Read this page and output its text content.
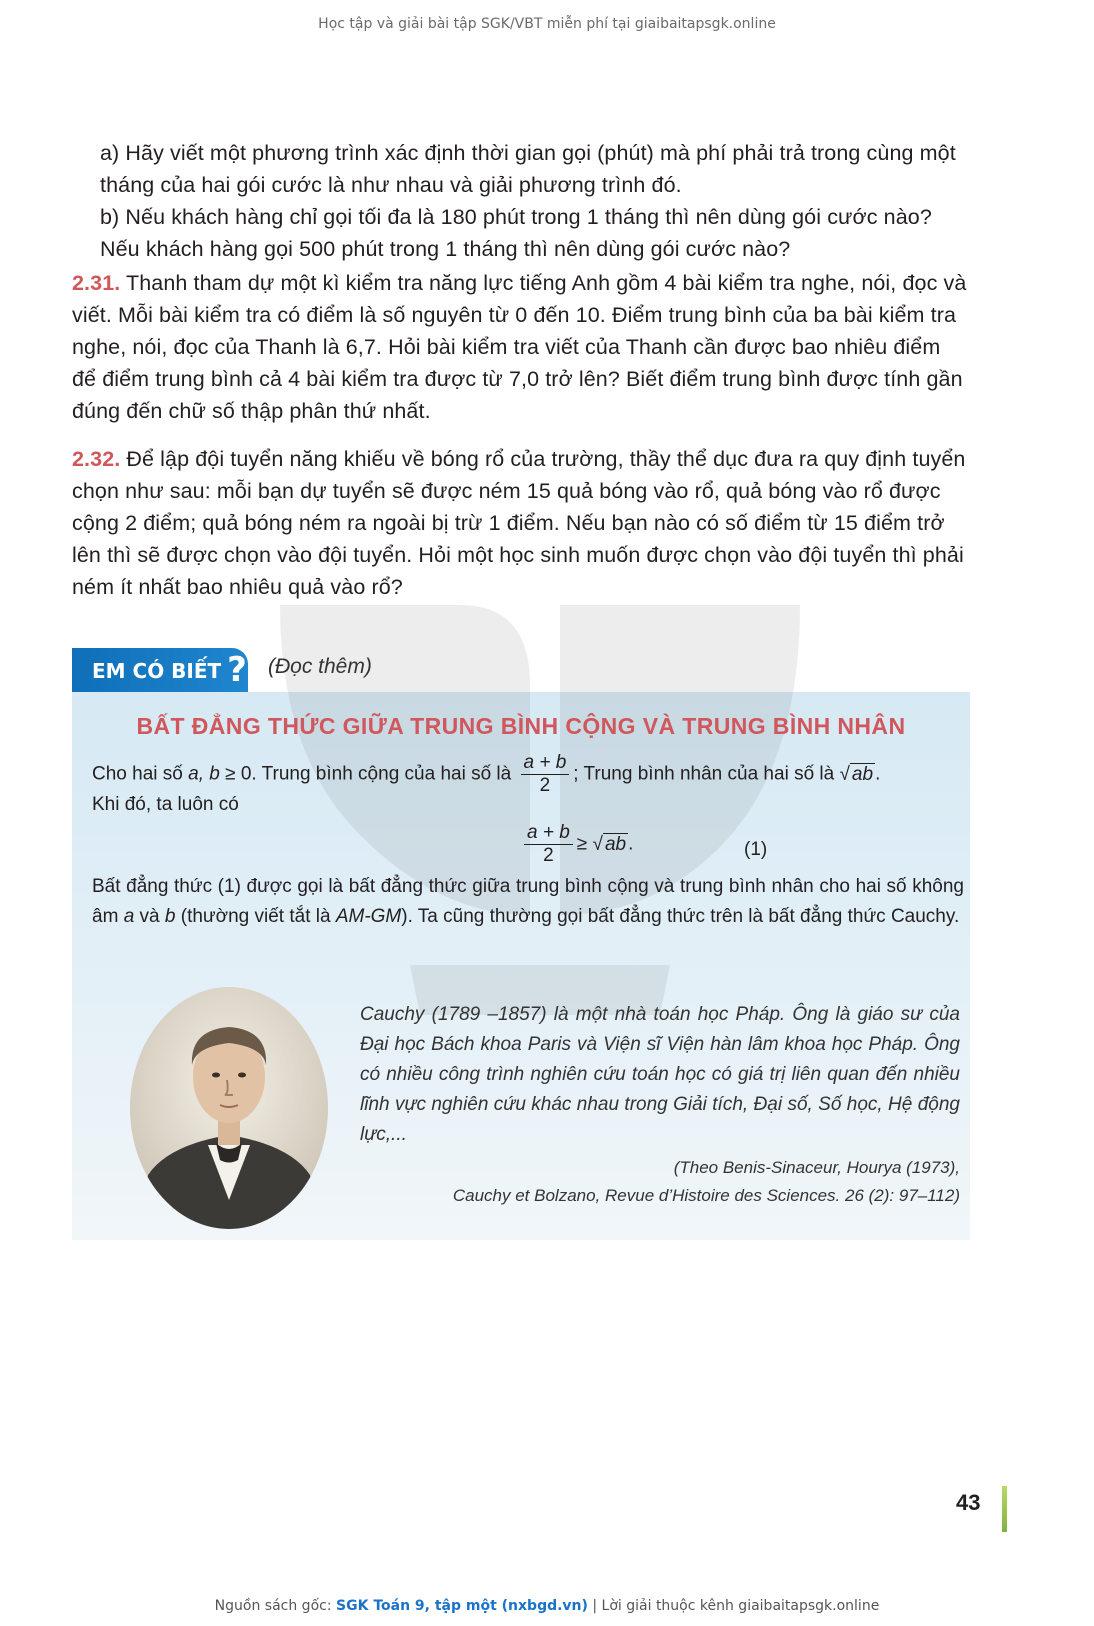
Học tập và giải bài tập SGK/VBT miễn phí tại giaibaitapsgk.online
a) Hãy viết một phương trình xác định thời gian gọi (phút) mà phí phải trả trong cùng một tháng của hai gói cước là như nhau và giải phương trình đó.
b) Nếu khách hàng chỉ gọi tối đa là 180 phút trong 1 tháng thì nên dùng gói cước nào? Nếu khách hàng gọi 500 phút trong 1 tháng thì nên dùng gói cước nào?
2.31. Thanh tham dự một kì kiểm tra năng lực tiếng Anh gồm 4 bài kiểm tra nghe, nói, đọc và viết. Mỗi bài kiểm tra có điểm là số nguyên từ 0 đến 10. Điểm trung bình của ba bài kiểm tra nghe, nói, đọc của Thanh là 6,7. Hỏi bài kiểm tra viết của Thanh cần được bao nhiêu điểm để điểm trung bình cả 4 bài kiểm tra được từ 7,0 trở lên? Biết điểm trung bình được tính gần đúng đến chữ số thập phân thứ nhất.
2.32. Để lập đội tuyển năng khiếu về bóng rổ của trường, thầy thể dục đưa ra quy định tuyển chọn như sau: mỗi bạn dự tuyển sẽ được ném 15 quả bóng vào rổ, quả bóng vào rổ được cộng 2 điểm; quả bóng ném ra ngoài bị trừ 1 điểm. Nếu bạn nào có số điểm từ 15 điểm trở lên thì sẽ được chọn vào đội tuyển. Hỏi một học sinh muốn được chọn vào đội tuyển thì phải ném ít nhất bao nhiêu quả vào rổ?
EM CÓ BIẾT ? (Đọc thêm)
BẤT ĐẲNG THỨC GIỮA TRUNG BÌNH CỘNG VÀ TRUNG BÌNH NHÂN
Cho hai số a, b ≥ 0. Trung bình cộng của hai số là $\frac{a + b}{2}$ ; Trung bình nhân của hai số là √ ab .
Khi đó, ta luôn có
$\frac{a + b}{2}$ ≥ √ ab .	(1)
Bất đẳng thức (1) được gọi là bất đẳng thức giữa trung bình cộng và trung bình nhân cho hai số không âm a và b (thường viết tắt là AM-GM). Ta cũng thường gọi bất đẳng thức trên là bất đẳng thức Cauchy.
Cauchy (1789 –1857) là một nhà toán học Pháp. Ông là giáo sư của Đại học Bách khoa Paris và Viện sĩ Viện hàn lâm khoa học Pháp. Ông có nhiều công trình nghiên cứu toán học có giá trị liên quan đến nhiều lĩnh vực nghiên cứu khác nhau trong Giải tích, Đại số, Số học, Hệ động lực,...
(Theo Benis-Sinaceur, Hourya (1973),
Cauchy et Bolzano, Revue d’Histoire des Sciences. 26 (2): 97–112)
43
Nguồn sách gốc: SGK Toán 9, tập một (nxbgd.vn) | Lời giải thuộc kênh giaibaitapsgk.online
